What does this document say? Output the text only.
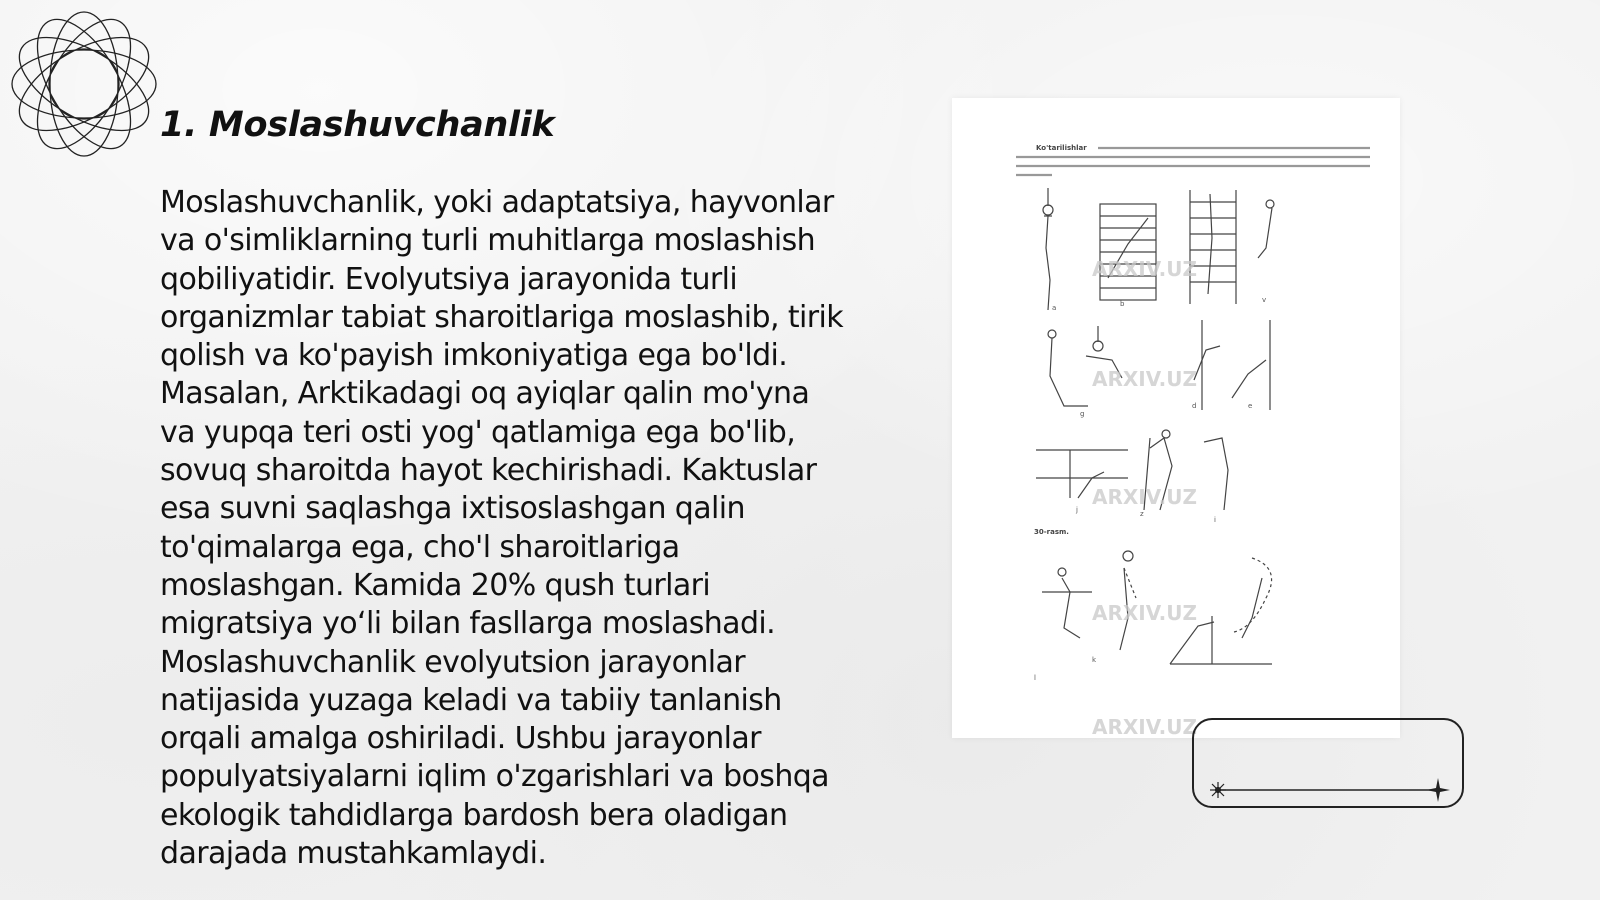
1. Moslashuvchanlik

Moslashuvchanlik, yoki adaptatsiya, hayvonlar va o'simliklarning turli muhitlarga moslashish qobiliyatidir. Evolyutsiya jarayonida turli organizmlar tabiat sharoitlariga moslashib, tirik qolish va ko'payish imkoniyatiga ega bo'ldi. Masalan, Arktikadagi oq ayiqlar qalin mo'yna va yupqa teri osti yog' qatlamiga ega bo'lib, sovuq sharoitda hayot kechirishadi. Kaktuslar esa suvni saqlashga ixtisoslashgan qalin to'qimalarga ega, cho'l sharoitlariga moslashgan. Kamida 20% qush turlari migratsiya yo‘li bilan fasllarga moslashadi. Moslashuvchanlik evolyutsion jarayonlar natijasida yuzaga keladi va tabiiy tanlanish orqali amalga oshiriladi. Ushbu jarayonlar populyatsiyalarni iqlim o'zgarishlari va boshqa ekologik tahdidlarga bardosh bera oladigan darajada mustahkamlaydi.

Ko'tarilishlar
a	b	v
g
d	e
j	z
i
30-rasm.
k
l
ARXIV.UZ
ARXIV.UZ
ARXIV.UZ
ARXIV.UZ
ARXIV.UZ
